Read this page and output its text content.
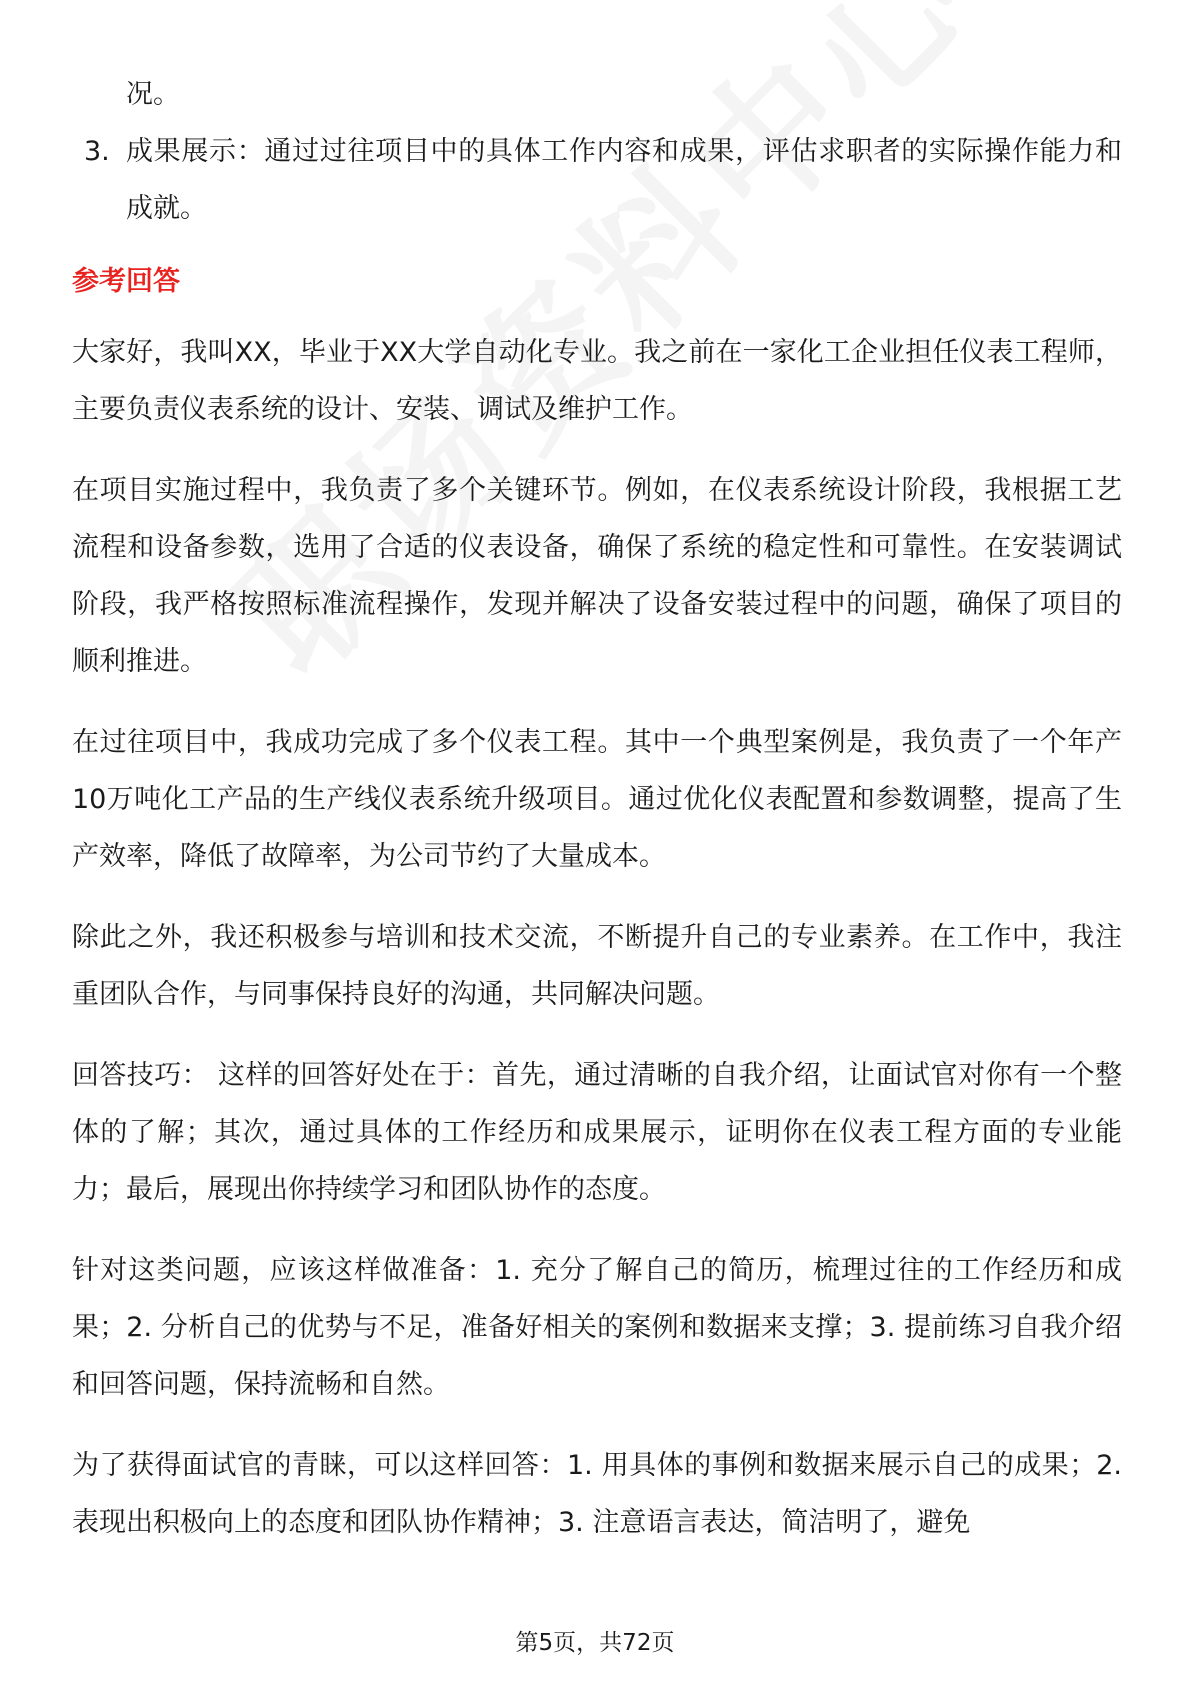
况。

3. 成果展示：通过过往项目中的具体工作内容和成果，评估求职者的实际操作能力和成就。

参考回答

大家好，我叫XX，毕业于XX大学自动化专业。我之前在一家化工企业担任仪表工程师，主要负责仪表系统的设计、安装、调试及维护工作。

在项目实施过程中，我负责了多个关键环节。例如，在仪表系统设计阶段，我根据工艺流程和设备参数，选用了合适的仪表设备，确保了系统的稳定性和可靠性。在安装调试阶段，我严格按照标准流程操作，发现并解决了设备安装过程中的问题，确保了项目的顺利推进。

在过往项目中，我成功完成了多个仪表工程。其中一个典型案例是，我负责了一个年产10万吨化工产品的生产线仪表系统升级项目。通过优化仪表配置和参数调整，提高了生产效率，降低了故障率，为公司节约了大量成本。

除此之外，我还积极参与培训和技术交流，不断提升自己的专业素养。在工作中，我注重团队合作，与同事保持良好的沟通，共同解决问题。

回答技巧： 这样的回答好处在于：首先，通过清晰的自我介绍，让面试官对你有一个整体的了解；其次，通过具体的工作经历和成果展示，证明你在仪表工程方面的专业能力；最后，展现出你持续学习和团队协作的态度。

针对这类问题，应该这样做准备：1. 充分了解自己的简历，梳理过往的工作经历和成果；2. 分析自己的优势与不足，准备好相关的案例和数据来支撑；3. 提前练习自我介绍和回答问题，保持流畅和自然。

为了获得面试官的青睐，可以这样回答：1. 用具体的事例和数据来展示自己的成果；2. 表现出积极向上的态度和团队协作精神；3. 注意语言表达，简洁明了，避免

第5页，共72页
